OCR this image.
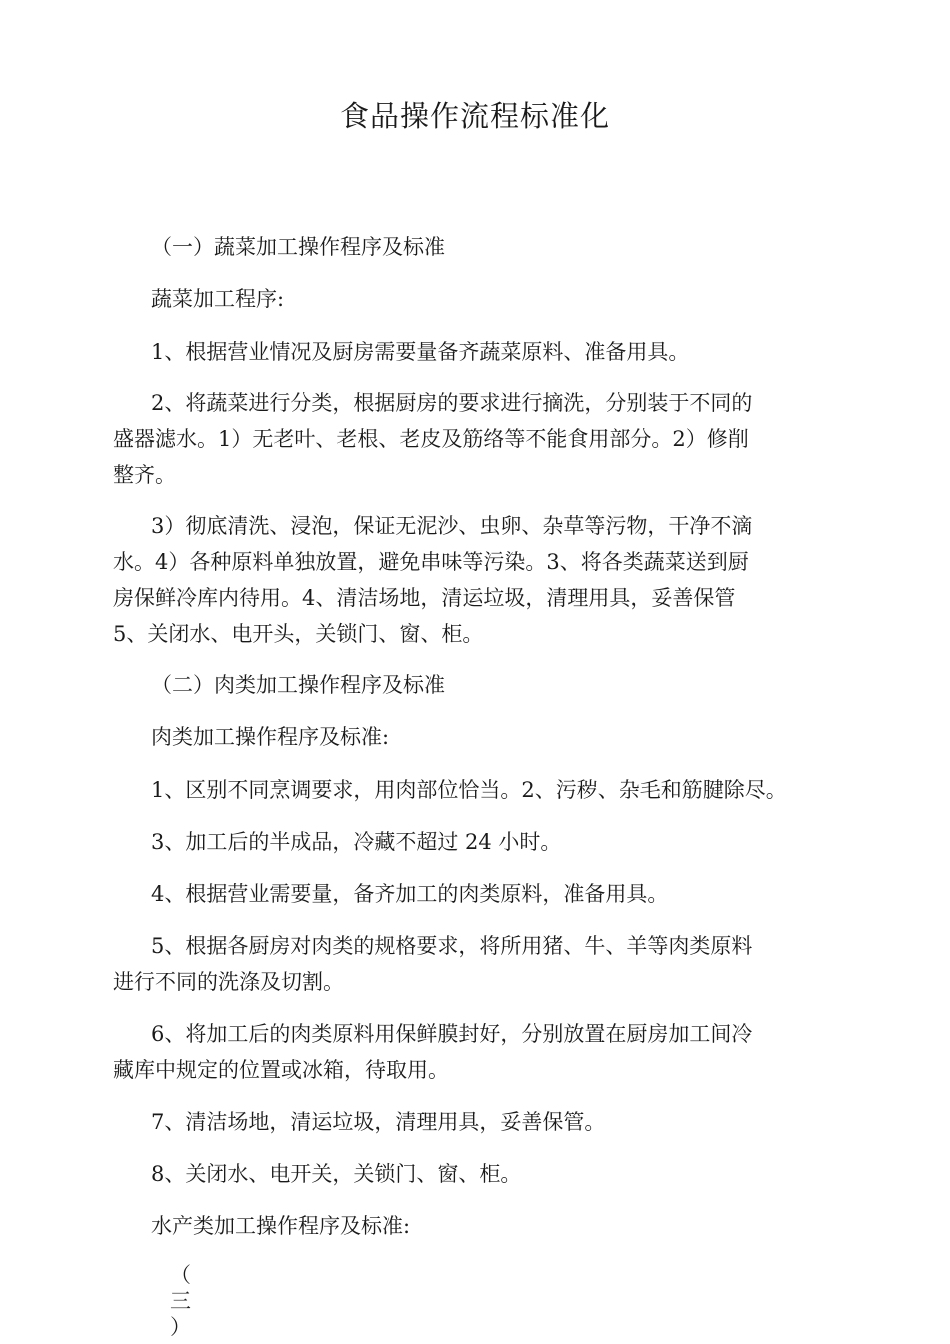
食品操作流程标准化

（一）蔬菜加工操作程序及标准

蔬菜加工程序:

1、根据营业情况及厨房需要量备齐蔬菜原料、准备用具。

2、将蔬菜进行分类，根据厨房的要求进行摘洗，分别装于不同的
盛器滤水。1）无老叶、老根、老皮及筋络等不能食用部分。2）修削
整齐。
3）彻底清洗、浸泡，保证无泥沙、虫卵、杂草等污物，干净不滴
水。4）各种原料单独放置，避免串味等污染。3、将各类蔬菜送到厨
房保鲜冷库内待用。4、清洁场地，清运垃圾，清理用具，妥善保管
5、关闭水、电开头，关锁门、窗、柜。

（二）肉类加工操作程序及标准

肉类加工操作程序及标准:

1、区别不同烹调要求，用肉部位恰当。2、污秽、杂毛和筋腱除尽。

3、加工后的半成品，冷藏不超过 24 小时。

4、根据营业需要量，备齐加工的肉类原料，准备用具。

5、根据各厨房对肉类的规格要求，将所用猪、牛、羊等肉类原料
进行不同的洗涤及切割。
6、将加工后的肉类原料用保鲜膜封好，分别放置在厨房加工间冷
藏库中规定的位置或冰箱，待取用。

7、清洁场地，清运垃圾，清理用具，妥善保管。

8、关闭水、电开关，关锁门、窗、柜。

水产类加工操作程序及标准:

（
三
）
